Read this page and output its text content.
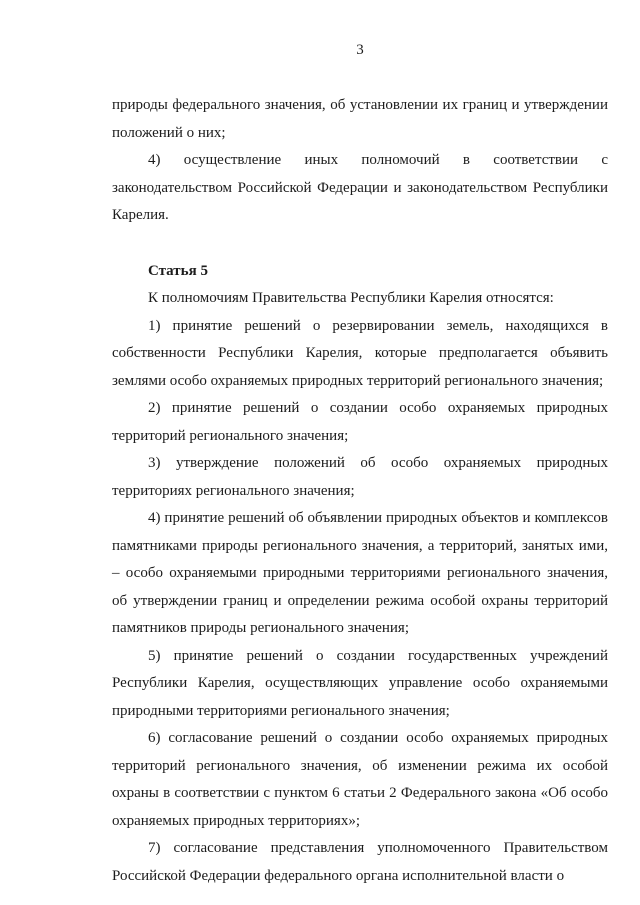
3

природы федерального значения, об установлении их границ и утверждении положений о них;

4) осуществление иных полномочий в соответствии с законодательством Российской Федерации и законодательством Республики Карелия.

Статья 5

К полномочиям Правительства Республики Карелия относятся:

1) принятие решений о резервировании земель, находящихся в собственности Республики Карелия, которые предполагается объявить землями особо охраняемых природных территорий регионального значения;

2) принятие решений о создании особо охраняемых природных территорий регионального значения;

3) утверждение положений об особо охраняемых природных территориях регионального значения;

4) принятие решений об объявлении природных объектов и комплексов памятниками природы регионального значения, а территорий, занятых ими, – особо охраняемыми природными территориями регионального значения, об утверждении границ и определении режима особой охраны территорий памятников природы регионального значения;

5) принятие решений о создании государственных учреждений Республики Карелия, осуществляющих управление особо охраняемыми природными территориями регионального значения;

6) согласование решений о создании особо охраняемых природных территорий регионального значения, об изменении режима их особой охраны в соответствии с пунктом 6 статьи 2 Федерального закона «Об особо охраняемых природных территориях»;

7) согласование представления уполномоченного Правительством Российской Федерации федерального органа исполнительной власти о
